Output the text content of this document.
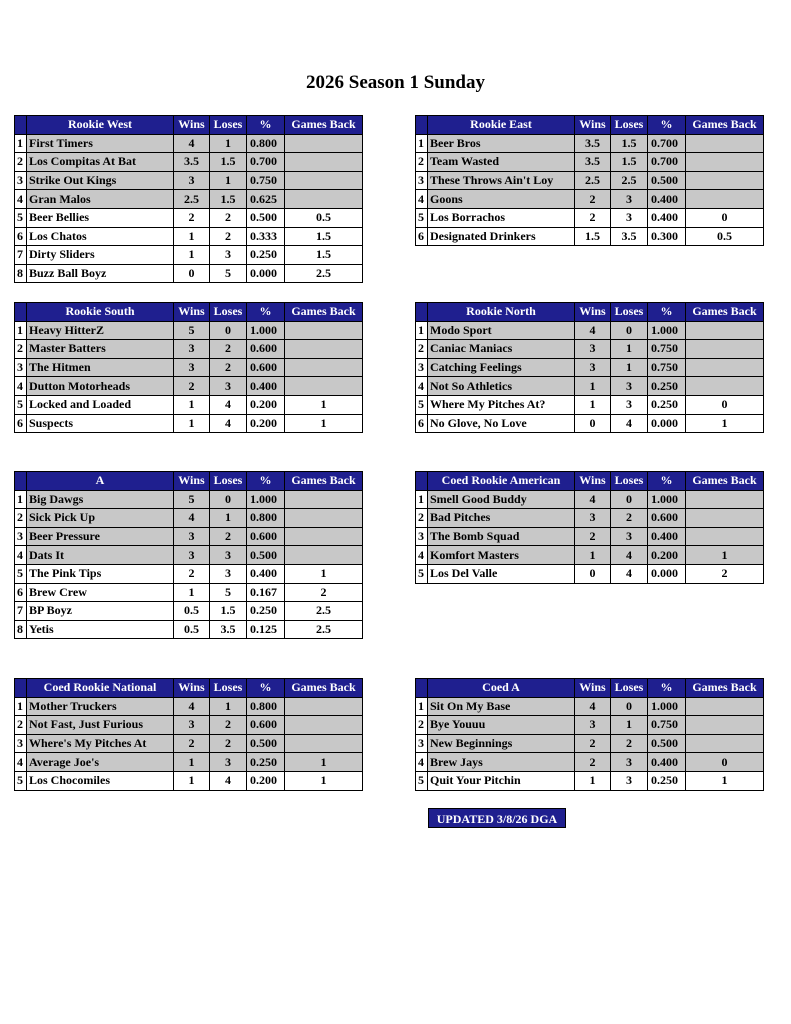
2026 Season 1 Sunday
	Rookie West	Wins	Loses	%	Games Back
1	First Timers	4	1	0.800	
2	Los Compitas At Bat	3.5	1.5	0.700	
3	Strike Out Kings	3	1	0.750	
4	Gran Malos	2.5	1.5	0.625	
5	Beer Bellies	2	2	0.500	0.5
6	Los Chatos	1	2	0.333	1.5
7	Dirty Sliders	1	3	0.250	1.5
8	Buzz Ball Boyz	0	5	0.000	2.5
	Rookie East	Wins	Loses	%	Games Back
1	Beer Bros	3.5	1.5	0.700	
2	Team Wasted	3.5	1.5	0.700	
3	These Throws Ain't Loy	2.5	2.5	0.500	
4	Goons	2	3	0.400	
5	Los Borrachos	2	3	0.400	0
6	Designated Drinkers	1.5	3.5	0.300	0.5
	Rookie South	Wins	Loses	%	Games Back
1	Heavy HitterZ	5	0	1.000	
2	Master Batters	3	2	0.600	
3	The Hitmen	3	2	0.600	
4	Dutton Motorheads	2	3	0.400	
5	Locked and Loaded	1	4	0.200	1
6	Suspects	1	4	0.200	1
	Rookie North	Wins	Loses	%	Games Back
1	Modo Sport	4	0	1.000	
2	Caniac Maniacs	3	1	0.750	
3	Catching Feelings	3	1	0.750	
4	Not So Athletics	1	3	0.250	
5	Where My Pitches At?	1	3	0.250	0
6	No Glove, No Love	0	4	0.000	1
	A	Wins	Loses	%	Games Back
1	Big Dawgs	5	0	1.000	
2	Sick Pick Up	4	1	0.800	
3	Beer Pressure	3	2	0.600	
4	Dats It	3	3	0.500	
5	The Pink Tips	2	3	0.400	1
6	Brew Crew	1	5	0.167	2
7	BP Boyz	0.5	1.5	0.250	2.5
8	Yetis	0.5	3.5	0.125	2.5
	Coed Rookie American	Wins	Loses	%	Games Back
1	Smell Good Buddy	4	0	1.000	
2	Bad Pitches	3	2	0.600	
3	The Bomb Squad	2	3	0.400	
4	Komfort Masters	1	4	0.200	1
5	Los Del Valle	0	4	0.000	2
	Coed Rookie National	Wins	Loses	%	Games Back
1	Mother Truckers	4	1	0.800	
2	Not Fast, Just Furious	3	2	0.600	
3	Where's My Pitches At	2	2	0.500	
4	Average Joe's	1	3	0.250	1
5	Los Chocomiles	1	4	0.200	1
	Coed A	Wins	Loses	%	Games Back
1	Sit On My Base	4	0	1.000	
2	Bye Youuu	3	1	0.750	
3	New Beginnings	2	2	0.500	
4	Brew Jays	2	3	0.400	0
5	Quit Your Pitchin	1	3	0.250	1
UPDATED 3/8/26 DGA
